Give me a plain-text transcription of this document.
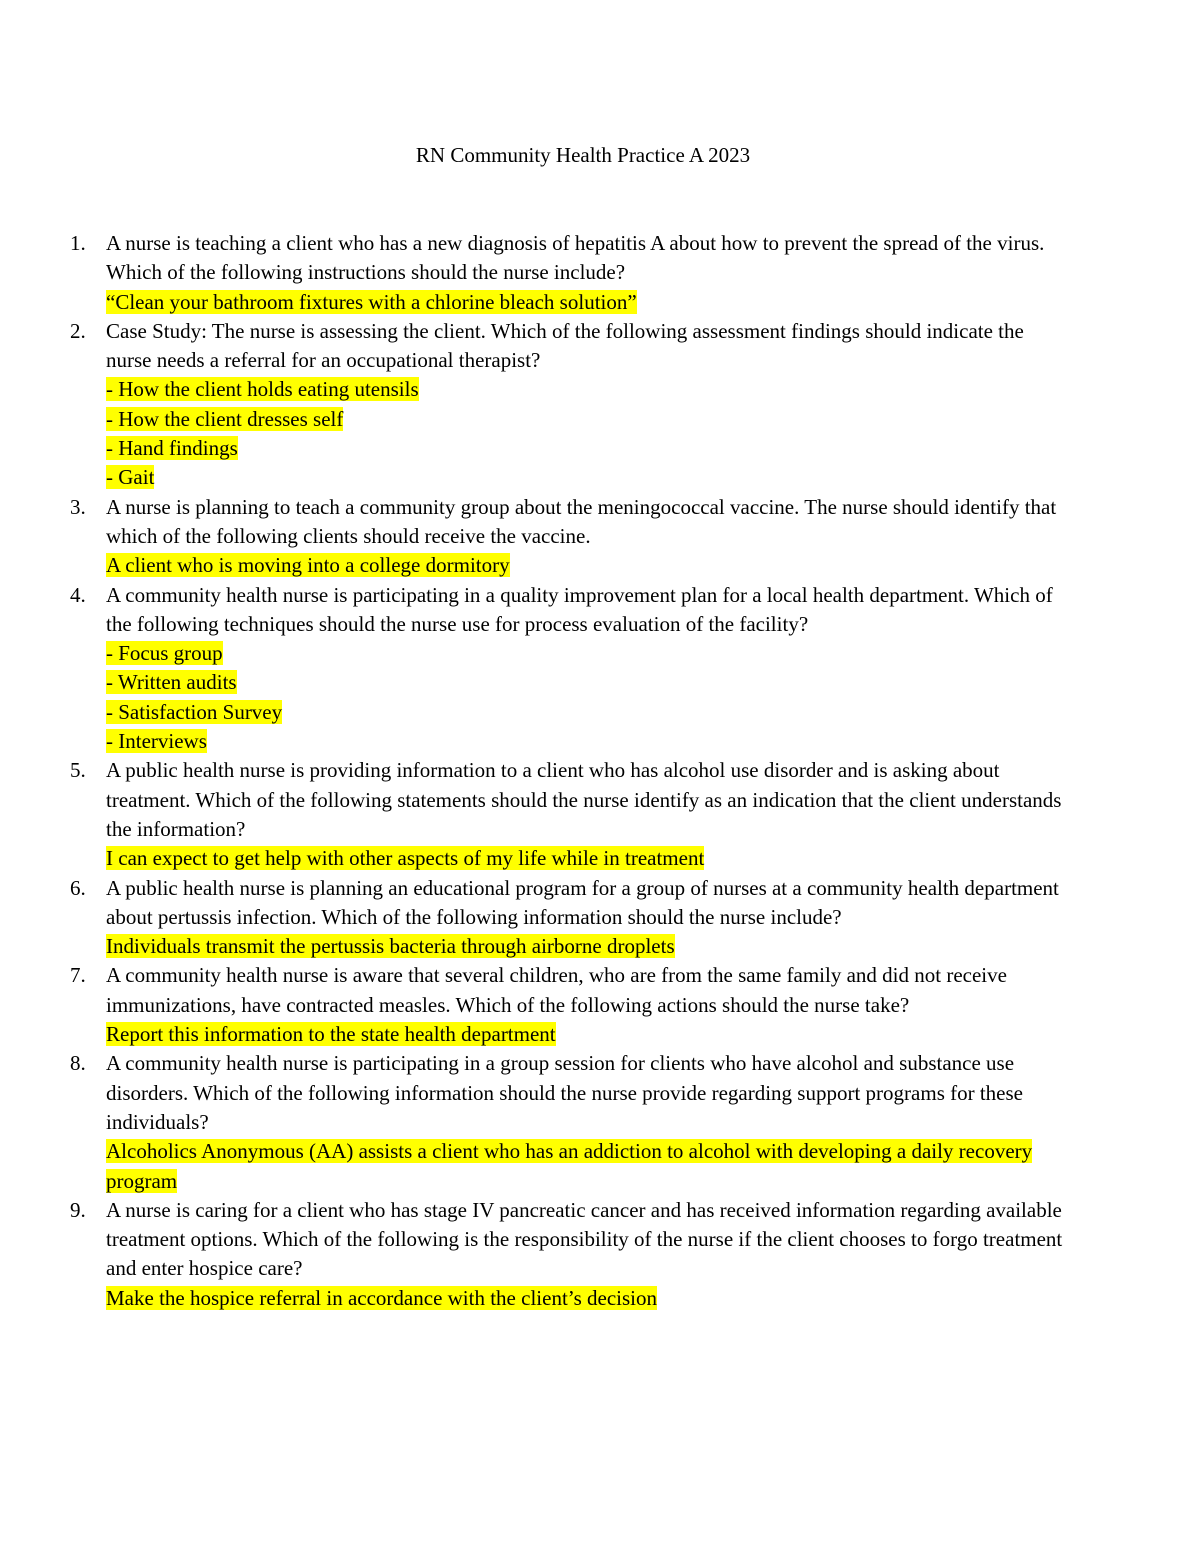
RN Community Health Practice A 2023
1. A nurse is teaching a client who has a new diagnosis of hepatitis A about how to prevent the spread of the virus. Which of the following instructions should the nurse include?
“Clean your bathroom fixtures with a chlorine bleach solution”
2. Case Study: The nurse is assessing the client. Which of the following assessment findings should indicate the nurse needs a referral for an occupational therapist?
- How the client holds eating utensils
- How the client dresses self
- Hand findings
- Gait
3. A nurse is planning to teach a community group about the meningococcal vaccine. The nurse should identify that which of the following clients should receive the vaccine.
A client who is moving into a college dormitory
4. A community health nurse is participating in a quality improvement plan for a local health department. Which of the following techniques should the nurse use for process evaluation of the facility?
- Focus group
- Written audits
- Satisfaction Survey
- Interviews
5. A public health nurse is providing information to a client who has alcohol use disorder and is asking about treatment. Which of the following statements should the nurse identify as an indication that the client understands the information?
I can expect to get help with other aspects of my life while in treatment
6. A public health nurse is planning an educational program for a group of nurses at a community health department about pertussis infection. Which of the following information should the nurse include?
Individuals transmit the pertussis bacteria through airborne droplets
7. A community health nurse is aware that several children, who are from the same family and did not receive immunizations, have contracted measles. Which of the following actions should the nurse take?
Report this information to the state health department
8. A community health nurse is participating in a group session for clients who have alcohol and substance use disorders. Which of the following information should the nurse provide regarding support programs for these individuals?
Alcoholics Anonymous (AA) assists a client who has an addiction to alcohol with developing a daily recovery program
9. A nurse is caring for a client who has stage IV pancreatic cancer and has received information regarding available treatment options. Which of the following is the responsibility of the nurse if the client chooses to forgo treatment and enter hospice care?
Make the hospice referral in accordance with the client’s decision
